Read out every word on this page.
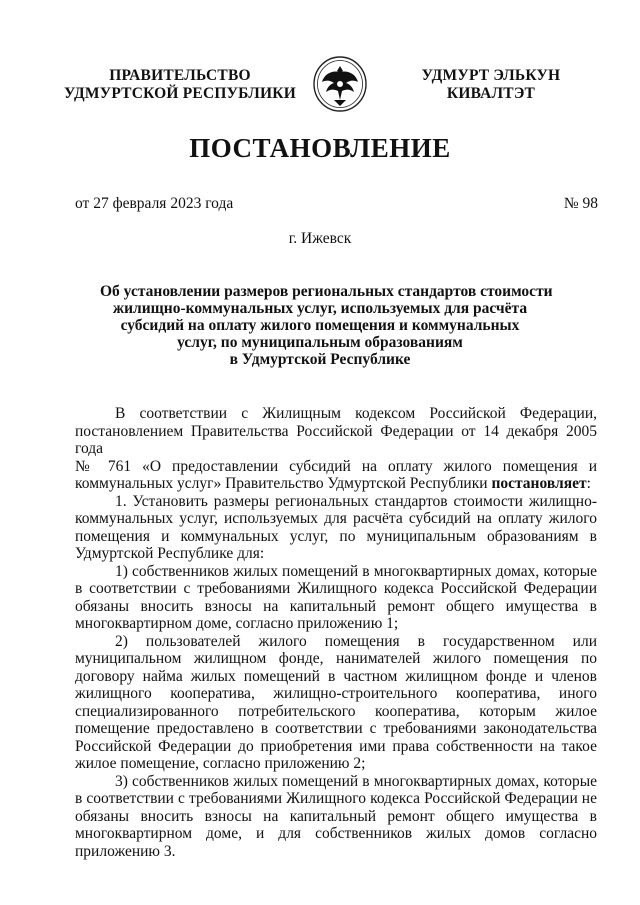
ПРАВИТЕЛЬСТВО
УДМУРТСКОЙ РЕСПУБЛИКИ
УДМУРТ ЭЛЬКУН
КИВАЛТЭТ
ПОСТАНОВЛЕНИЕ
от 27 февраля 2023 года	№ 98
г. Ижевск
Об установлении размеров региональных стандартов стоимости
жилищно-коммунальных услуг, используемых для расчёта
субсидий на оплату жилого помещения и коммунальных
услуг, по муниципальным образованиям
в Удмуртской Республике

В соответствии с Жилищным кодексом Российской Федерации,

постановлением Правительства Российской Федерации от 14 декабря 2005 года

№ 761 «О предоставлении субсидий на оплату жилого помещения и

коммунальных услуг» Правительство Удмуртской Республики постановляет:

1. Установить размеры региональных стандартов стоимости жилищно-

коммунальных услуг, используемых для расчёта субсидий на оплату жилого

помещения и коммунальных услуг, по муниципальным образованиям в

Удмуртской Республике для:

1) собственников жилых помещений в многоквартирных домах, которые

в соответствии с требованиями Жилищного кодекса Российской Федерации

обязаны вносить взносы на капитальный ремонт общего имущества в

многоквартирном доме, согласно приложению 1;

2) пользователей жилого помещения в государственном или

муниципальном жилищном фонде, нанимателей жилого помещения по

договору найма жилых помещений в частном жилищном фонде и членов

жилищного кооператива, жилищно-строительного кооператива, иного

специализированного потребительского кооператива, которым жилое

помещение предоставлено в соответствии с требованиями законодательства

Российской Федерации до приобретения ими права собственности на такое

жилое помещение, согласно приложению 2;

3) собственников жилых помещений в многоквартирных домах, которые

в соответствии с требованиями Жилищного кодекса Российской Федерации не

обязаны вносить взносы на капитальный ремонт общего имущества в

многоквартирном доме, и для собственников жилых домов согласно

приложению 3.
